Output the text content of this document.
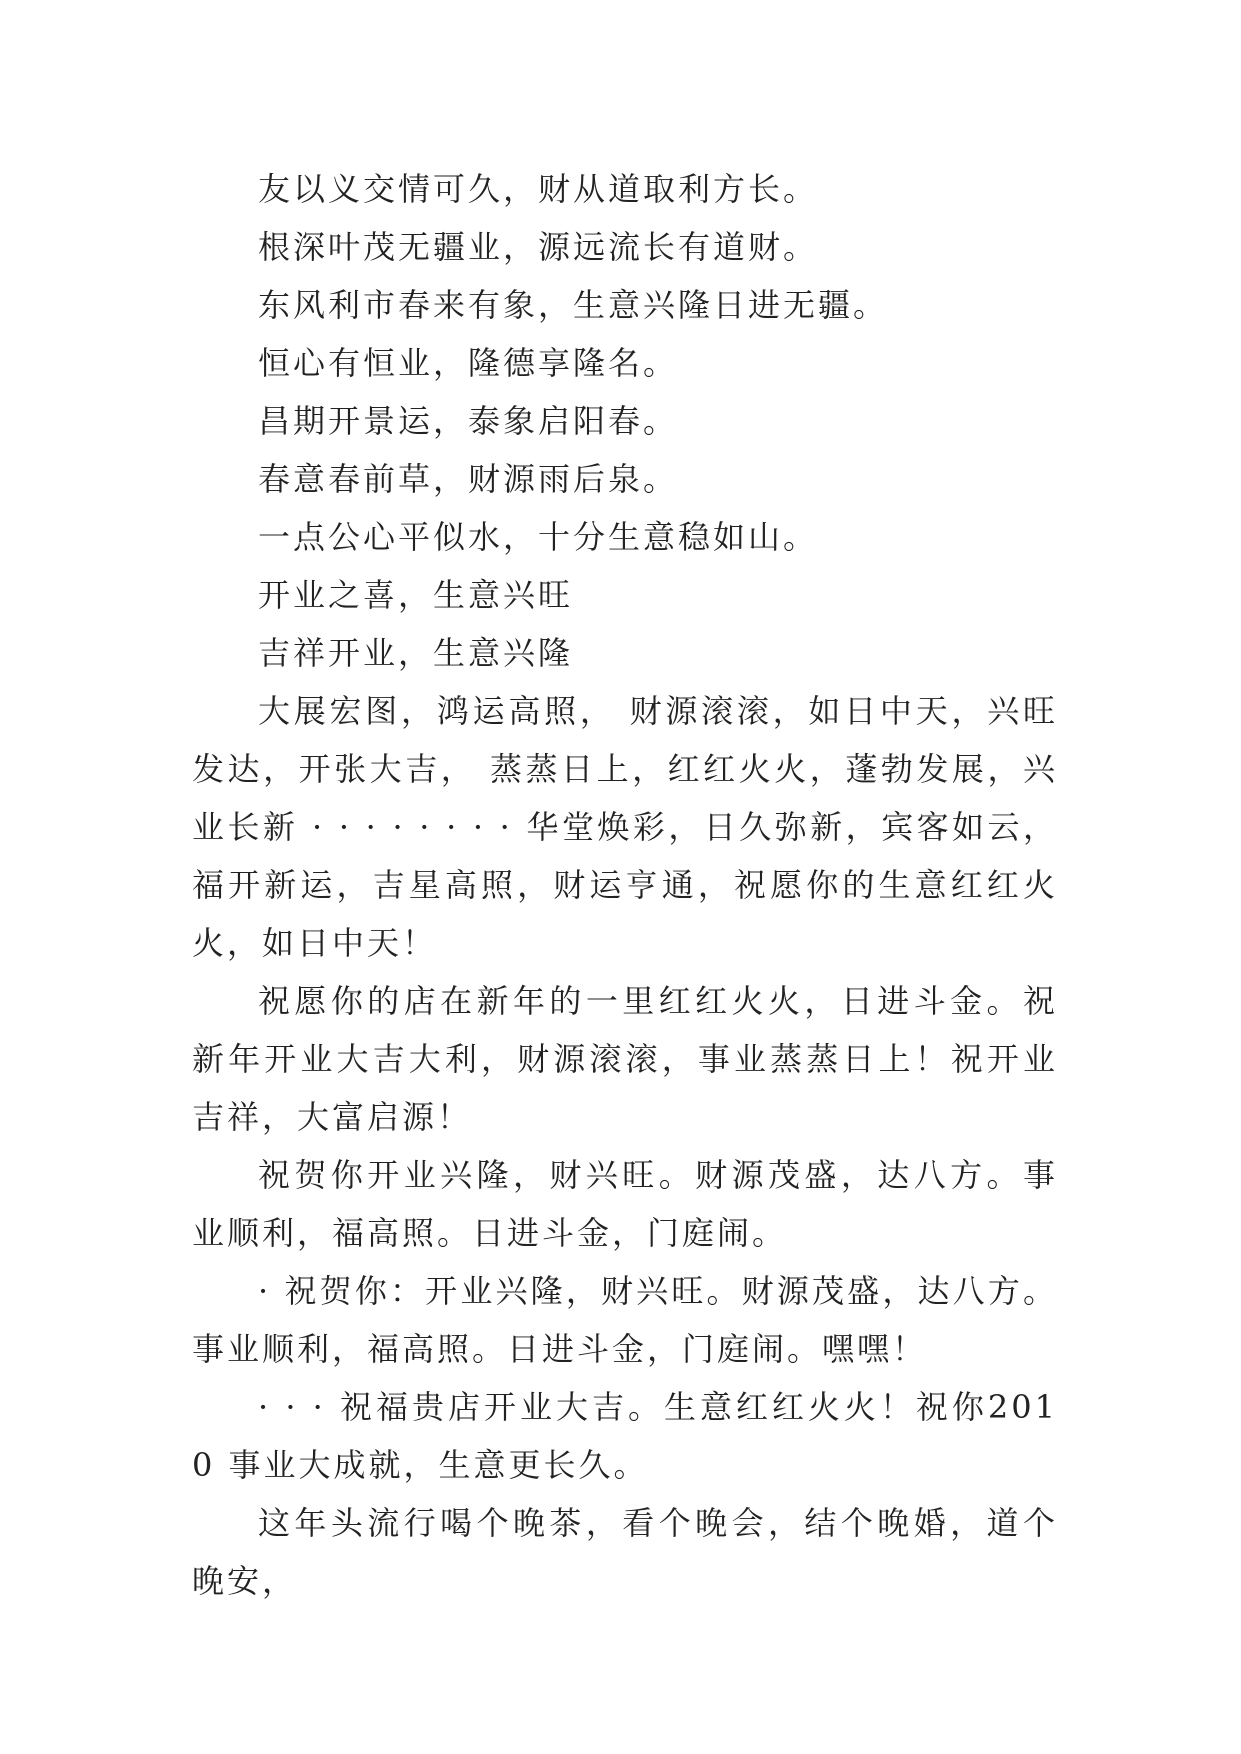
友以义交情可久，财从道取利方长。

根深叶茂无疆业，源远流长有道财。

东风利市春来有象，生意兴隆日进无疆。

恒心有恒业，隆德享隆名。

昌期开景运，泰象启阳春。

春意春前草，财源雨后泉。

一点公心平似水，十分生意稳如山。

开业之喜，生意兴旺

吉祥开业，生意兴隆

大展宏图，鸿运高照， 财源滚滚，如日中天，兴旺发达，开张大吉， 蒸蒸日上，红红火火，蓬勃发展，兴业长新 · · · · · · · · 华堂焕彩，日久弥新，宾客如云，福开新运，吉星高照，财运亨通，祝愿你的生意红红火火，如日中天！

祝愿你的店在新年的一里红红火火，日进斗金。祝新年开业大吉大利，财源滚滚，事业蒸蒸日上！祝开业吉祥，大富启源！

祝贺你开业兴隆，财兴旺。财源茂盛，达八方。事业顺利，福高照。日进斗金，门庭闹。

· 祝贺你：开业兴隆，财兴旺。财源茂盛，达八方。事业顺利，福高照。日进斗金，门庭闹。嘿嘿！

· · · 祝福贵店开业大吉。生意红红火火！祝你2010 事业大成就，生意更长久。

这年头流行喝个晚茶，看个晚会，结个晚婚，道个晚安，
